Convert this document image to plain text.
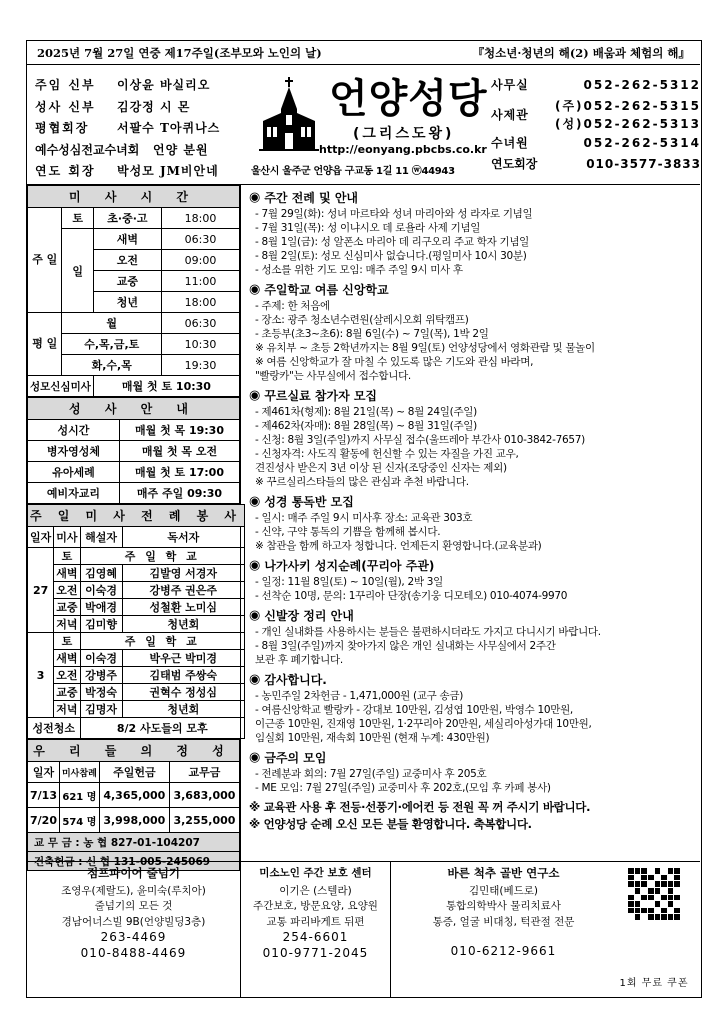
2025년 7월 27일 연중 제17주일(조부모와 노인의 날)	『청소년·청년의 해(2) 배움과 체험의 해』
주임 신부	이상윤 바실리오
성사 신부	김강정 시 몬
평협회장	서팔수 T아퀴나스
예수성심전교수녀회	언양 분원
연도 회장	박성모 JM비안네
언양성당
(그리스도왕)
http://eonyang.pbcbs.co.kr
울산시 울주군 언양읍 구교동 1길 11 ⓦ44943
사무실	052-262-5312
사제관
(주)052-262-5315
(성)052-262-5313
수녀원	052-262-5314
연도회장	010-3577-3833
미 사 시 간			
주 일	토	초·중·고	18:00
	일	새벽	06:30
		오전	09:00
		교중	11:00
		청년	18:00
평 일	월		06:30
	수,목,금,토		10:30
	화,수,목		19:30
성모신심미사		매월 첫 토 10:30	
성 사 안 내	
성시간	매월 첫 목 19:30
병자영성체	매월 첫 목 오전
유아세례	매월 첫 토 17:00
예비자교리	매주 주일 09:30
주 일 미 사 전 례 봉 사			
일자	미사	해설자	독서자
27	토	주 일 학 교	
	새벽	김영혜	김발영 서경자
	오전	이숙경	강병주 권은주
	교중	박애경	성철환 노미심
	저녁	김미향	청년회
3	토	주 일 학 교	
	새벽	이숙경	박우근 박미경
	오전	강병주	김태범 주쌍숙
	교중	박정숙	권혁수 정성심
	저녁	김명자	청년회
성전청소		8/2 사도들의 모후	
우 리 들 의 정 성			
일자	미사참례	주일헌금	교무금
7/13	621 명	4,365,000	3,683,000
7/20	574 명	3,998,000	3,255,000
교 무 금 : 농 협 827-01-104207			
건축헌금 : 신 협 131-005-245069			
◉ 주간 전례 및 안내
- 7월 29일(화): 성녀 마르타와 성녀 마리아와 성 라자로 기념일
- 7월 31일(목): 성 이냐시오 데 로욜라 사제 기념일
- 8월 1일(금): 성 알폰소 마리아 데 리구오리 주교 학자 기념일
- 8월 2일(토): 성모 신심미사 없습니다.(평일미사 10시 30분)
- 성소를 위한 기도 모임: 매주 주일 9시 미사 후
◉ 주일학교 여름 신앙학교
- 주제: 한 처음에
- 장소: 광주 청소년수련원(살레시오회 위탁캠프)
- 초등부(초3~초6): 8월 6일(수) ~ 7일(목), 1박 2일
※ 유치부 ~ 초등 2학년까지는 8월 9일(토) 언양성당에서 영화관람 및 물놀이
※ 여름 신앙학교가 잘 마칠 수 있도록 많은 기도와 관심 바라며,
"빨랑카"는 사무실에서 접수합니다.
◉ 꾸르실료 참가자 모집
- 제461차(형제): 8월 21일(목) ~ 8월 24일(주일)
- 제462차(자매): 8월 28일(목) ~ 8월 31일(주일)
- 신청: 8월 3일(주일)까지 사무실 접수(울뜨레아 부간사 010-3842-7657)
- 신청자격: 사도직 활동에 헌신할 수 있는 자질을 가진 교우,
견진성사 받은지 3년 이상 된 신자(조당중인 신자는 제외)
※ 꾸르실리스타들의 많은 관심과 추천 바랍니다.
◉ 성경 통독반 모집
- 일시: 매주 주일 9시 미사후 장소: 교육관 303호
- 신약, 구약 통독의 기쁨을 함께해 봅시다.
※ 참관을 함께 하고자 청합니다. 언제든지 환영합니다.(교육분과)
◉ 나가사키 성지순례(꾸리아 주관)
- 일정: 11월 8일(토) ~ 10일(월), 2박 3일
- 선착순 10명, 문의: 1꾸리아 단장(송기웅 디모테오) 010-4074-9970
◉ 신발장 정리 안내
- 개인 실내화를 사용하시는 분들은 불편하시더라도 가지고 다니시기 바랍니다.
- 8월 3일(주일)까지 찾아가지 않은 개인 실내화는 사무실에서 2주간
보관 후 폐기합니다.
◉ 감사합니다.
- 농민주일 2차헌금 - 1,471,000원 (교구 송금)
- 여름신앙학교 빨랑카 - 강대보 10만원, 김성엽 10만원, 박영수 10만원,
이근종 10만원, 진재영 10만원, 1·2꾸리아 20만원, 세실리아성가대 10만원,
임실회 10만원, 재속회 10만원 (현재 누계: 430만원)
◉ 금주의 모임
- 전례분과 회의: 7월 27일(주일) 교중미사 후 205호
- ME 모임: 7월 27일(주일) 교중미사 후 202호,(모임 후 카페 봉사)
※ 교육관 사용 후 전등·선풍기·에어컨 등 전원 꼭 꺼 주시기 바랍니다.
※ 언양성당 순례 오신 모든 분들 환영합니다. 축복합니다.
점프파이어 줄넘기
조영우(제랄도), 윤미숙(루치아)
줄넘기의 모든 것
경남어너스빌 9B(언양빌딩3층)
263-4469
010-8488-4469
미소노인 주간 보호 센터
이기은 (스텔라)
주간보호, 방문요양, 요양원
교통 파리바게트 뒤편
254-6601
010-9771-2045
바른 척추 골반 연구소
김민태(베드로)
통합의학박사 물리치료사
통증, 얼굴 비대칭, 턱관절 전문
010-6212-9661
1회 무료 쿠폰
